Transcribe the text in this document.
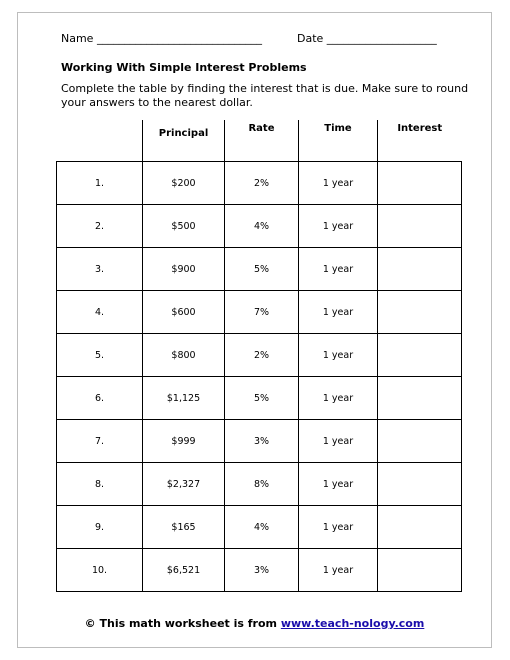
Name ______________________________	Date ____________________
Working With Simple Interest Problems
Complete the table by finding the interest that is due. Make sure to round your answers to the nearest dollar.
	Principal	Rate	Time	Interest
1.	$200	2%	1 year	
2.	$500	4%	1 year	
3.	$900	5%	1 year	
4.	$600	7%	1 year	
5.	$800	2%	1 year	
6.	$1,125	5%	1 year	
7.	$999	3%	1 year	
8.	$2,327	8%	1 year	
9.	$165	4%	1 year	
10.	$6,521	3%	1 year	
© This math worksheet is from www.teach-nology.com
